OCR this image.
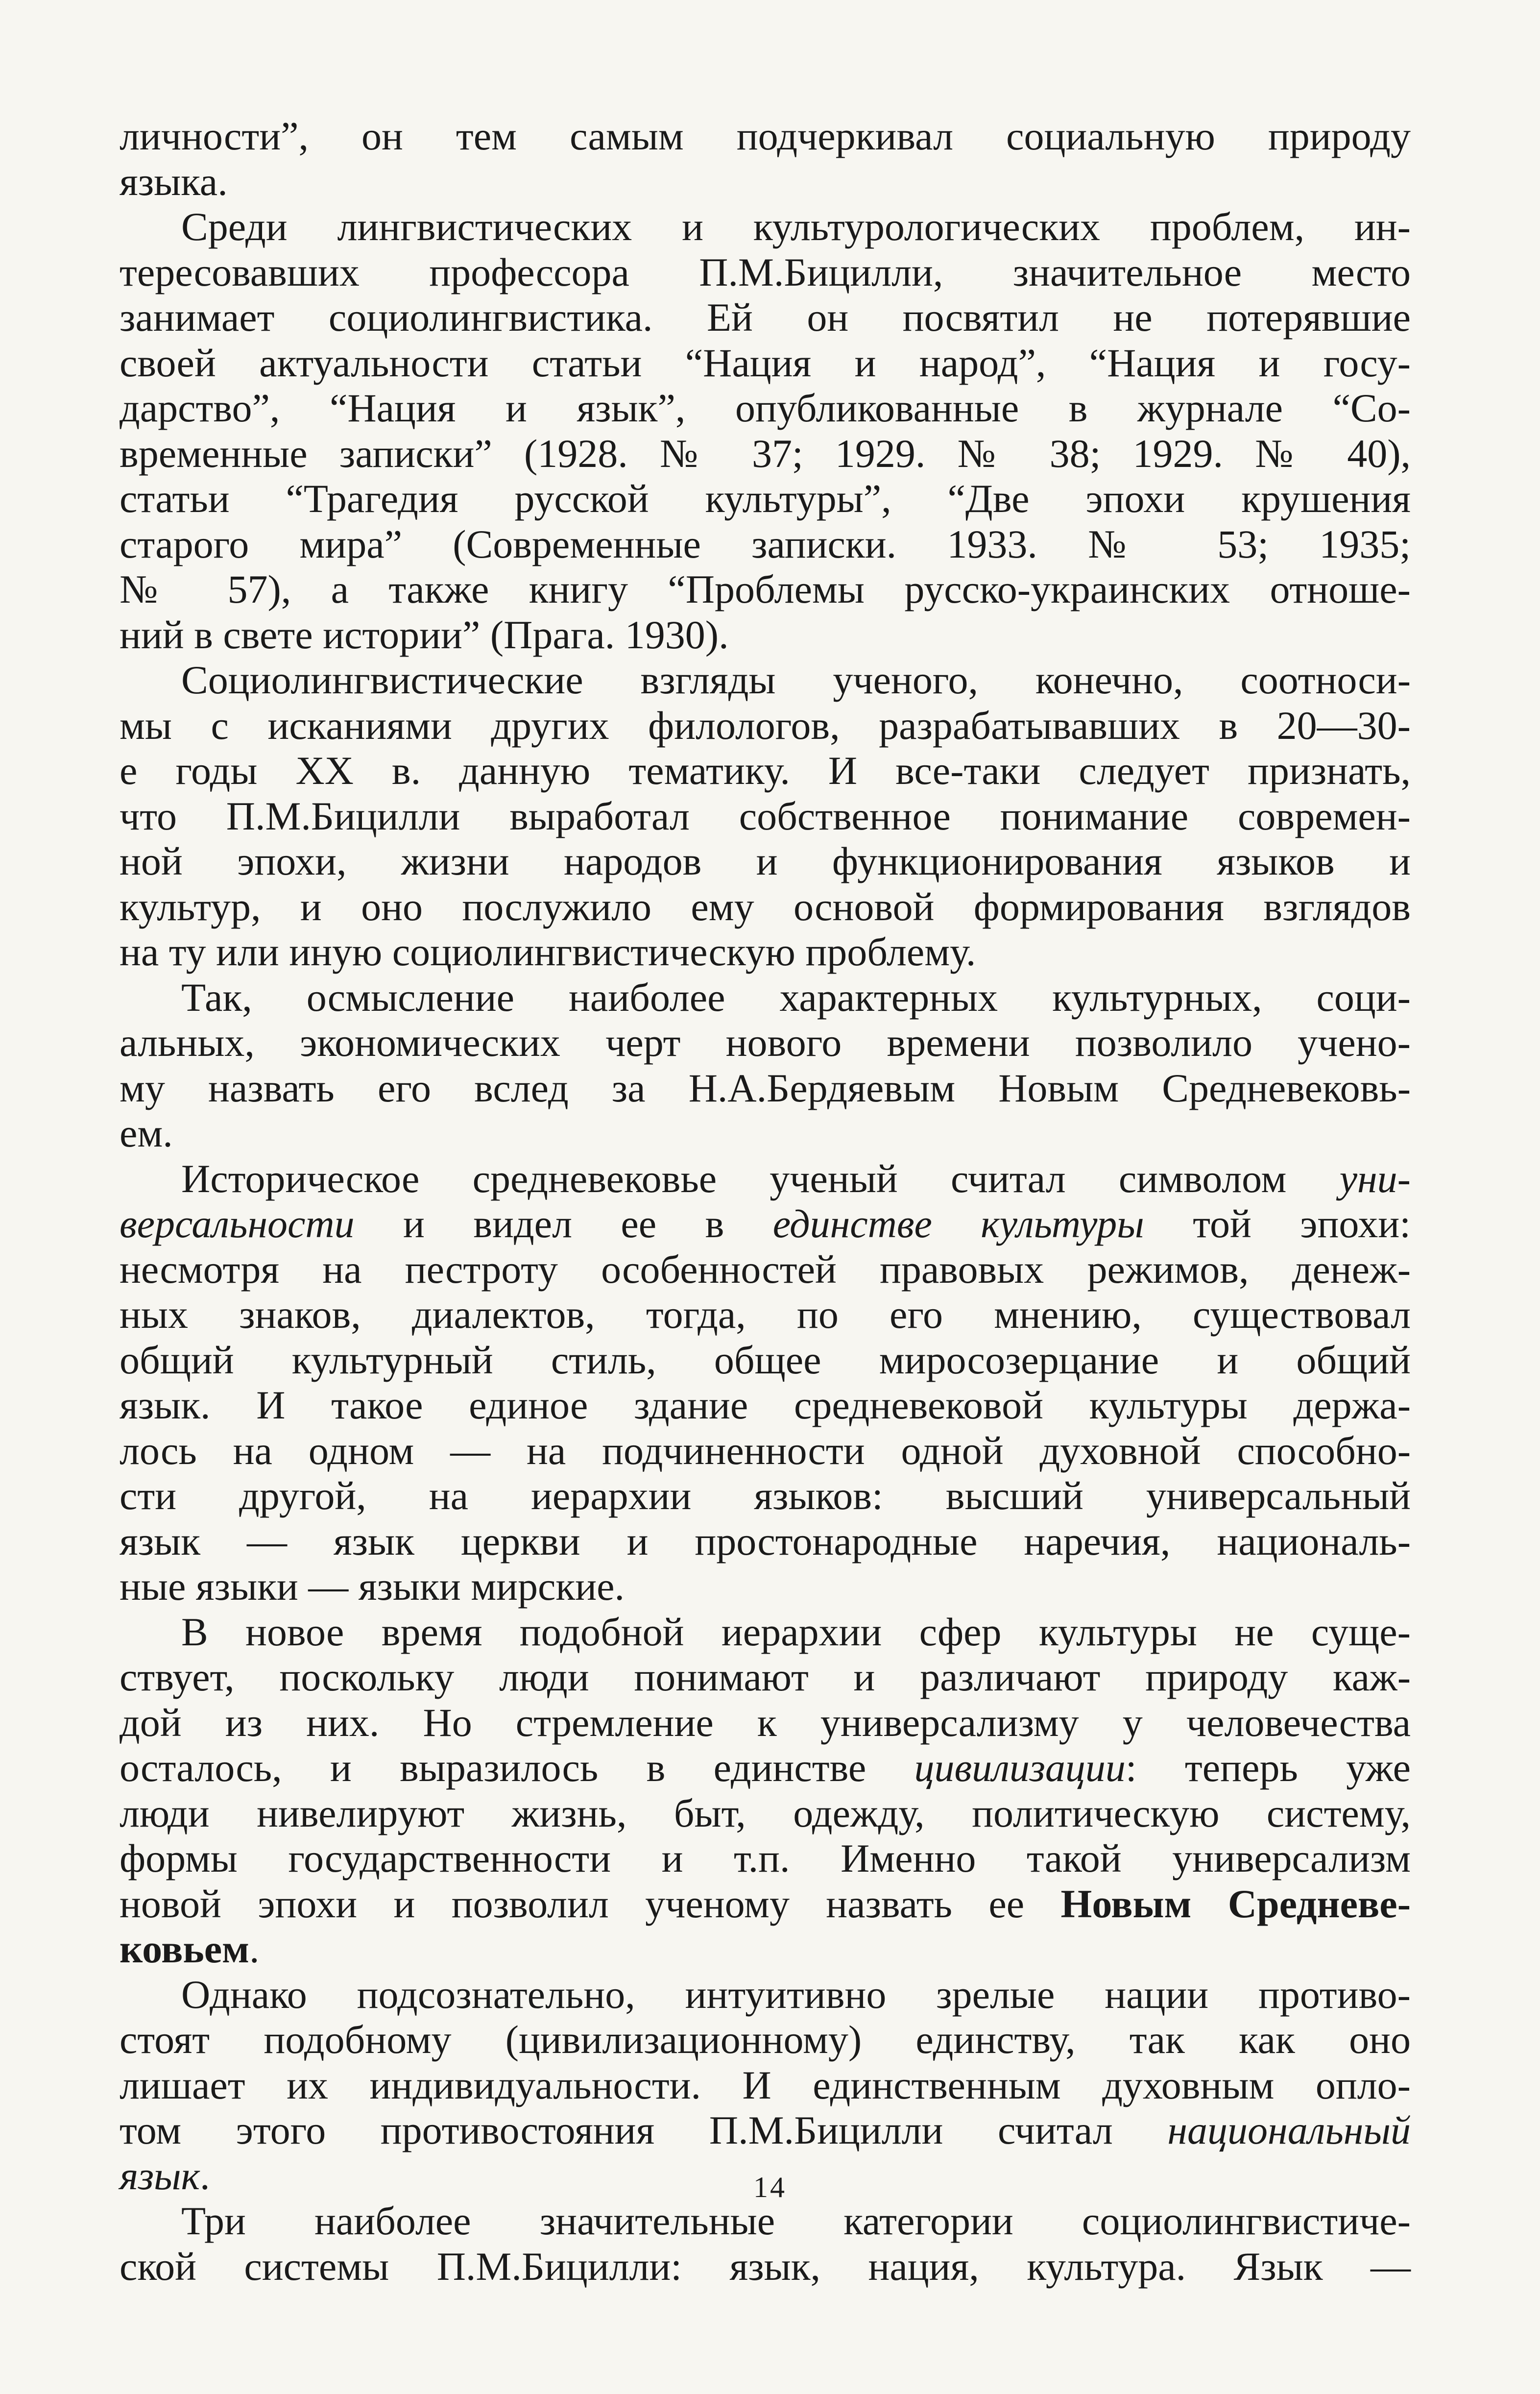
личности”, он тем самым подчеркивал социальную природу
языка.
Среди лингвистических и культурологических проблем, ин-
тересовавших профессора П.М.Бицилли, значительное место
занимает социолингвистика. Ей он посвятил не потерявшие
своей актуальности статьи “Нация и народ”, “Нация и госу-
дарство”, “Нация и язык”, опубликованные в журнале “Со-
временные записки” (1928. № 37; 1929. № 38; 1929. № 40),
статьи “Трагедия русской культуры”, “Две эпохи крушения
старого мира” (Современные записки. 1933. № 53; 1935;
№ 57), а также книгу “Проблемы русско-украинских отноше-
ний в свете истории” (Прага. 1930).
Социолингвистические взгляды ученого, конечно, соотноси-
мы с исканиями других филологов, разрабатывавших в 20—30-
е годы XX в. данную тематику. И все-таки следует признать,
что П.М.Бицилли выработал собственное понимание современ-
ной эпохи, жизни народов и функционирования языков и
культур, и оно послужило ему основой формирования взглядов
на ту или иную социолингвистическую проблему.
Так, осмысление наиболее характерных культурных, соци-
альных, экономических черт нового времени позволило учено-
му назвать его вслед за Н.А.Бердяевым Новым Средневековь-
ем.
Историческое средневековье ученый считал символом уни-
версальности и видел ее в единстве культуры той эпохи:
несмотря на пестроту особенностей правовых режимов, денеж-
ных знаков, диалектов, тогда, по его мнению, существовал
общий культурный стиль, общее миросозерцание и общий
язык. И такое единое здание средневековой культуры держа-
лось на одном — на подчиненности одной духовной способно-
сти другой, на иерархии языков: высший универсальный
язык — язык церкви и простонародные наречия, националь-
ные языки — языки мирские.
В новое время подобной иерархии сфер культуры не суще-
ствует, поскольку люди понимают и различают природу каж-
дой из них. Но стремление к универсализму у человечества
осталось, и выразилось в единстве цивилизации: теперь уже
люди нивелируют жизнь, быт, одежду, политическую систему,
формы государственности и т.п. Именно такой универсализм
новой эпохи и позволил ученому назвать ее Новым Средневе-
ковьем.
Однако подсознательно, интуитивно зрелые нации противо-
стоят подобному (цивилизационному) единству, так как оно
лишает их индивидуальности. И единственным духовным опло-
том этого противостояния П.М.Бицилли считал национальный
язык.
Три наиболее значительные категории социолингвистиче-
ской системы П.М.Бицилли: язык, нация, культура. Язык —
14
